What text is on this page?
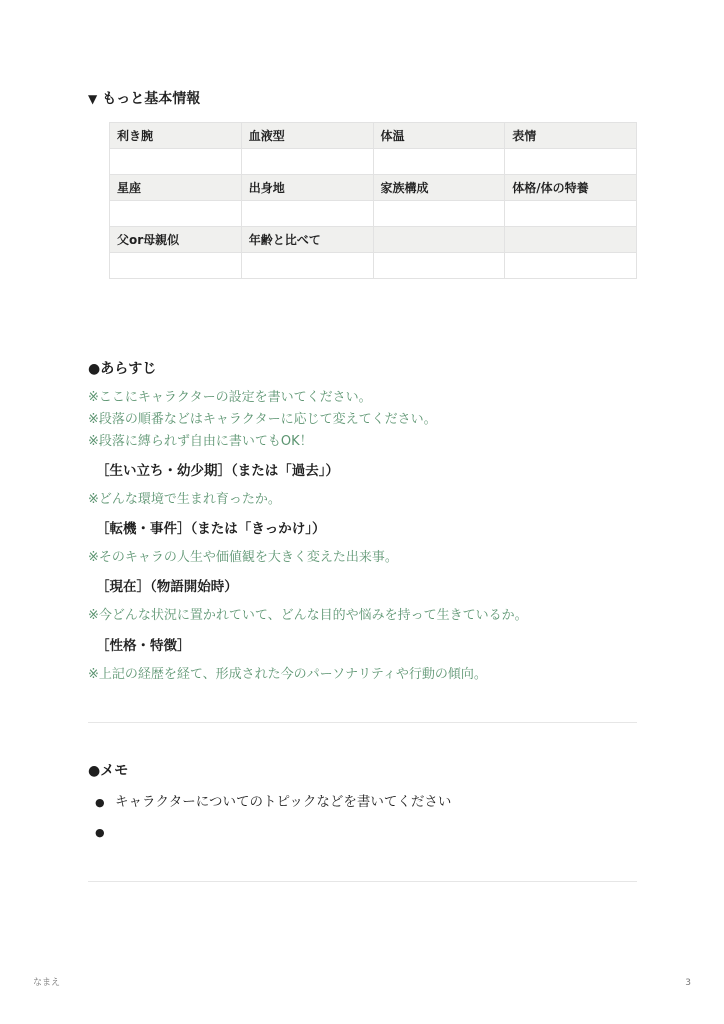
▼ もっと基本情報
利き腕	血液型	体温	表情

星座	出身地	家族構成	体格/体の特養

父or母親似	年齢と比べて		

●あらすじ
※ここにキャラクターの設定を書いてください。
※段落の順番などはキャラクターに応じて変えてください。
※段落に縛られず自由に書いてもOK！
［生い立ち・幼少期］（または「過去」）
※どんな環境で生まれ育ったか。
［転機・事件］（または「きっかけ」）
※そのキャラの人生や価値観を大きく変えた出来事。
［現在］（物語開始時）
※今どんな状況に置かれていて、どんな目的や悩みを持って生きているか。
［性格・特徴］
※上記の経歴を経て、形成された今のパーソナリティや行動の傾向。
●メモ
● キャラクターについてのトピックなどを書いてください
●
なまえ	3
